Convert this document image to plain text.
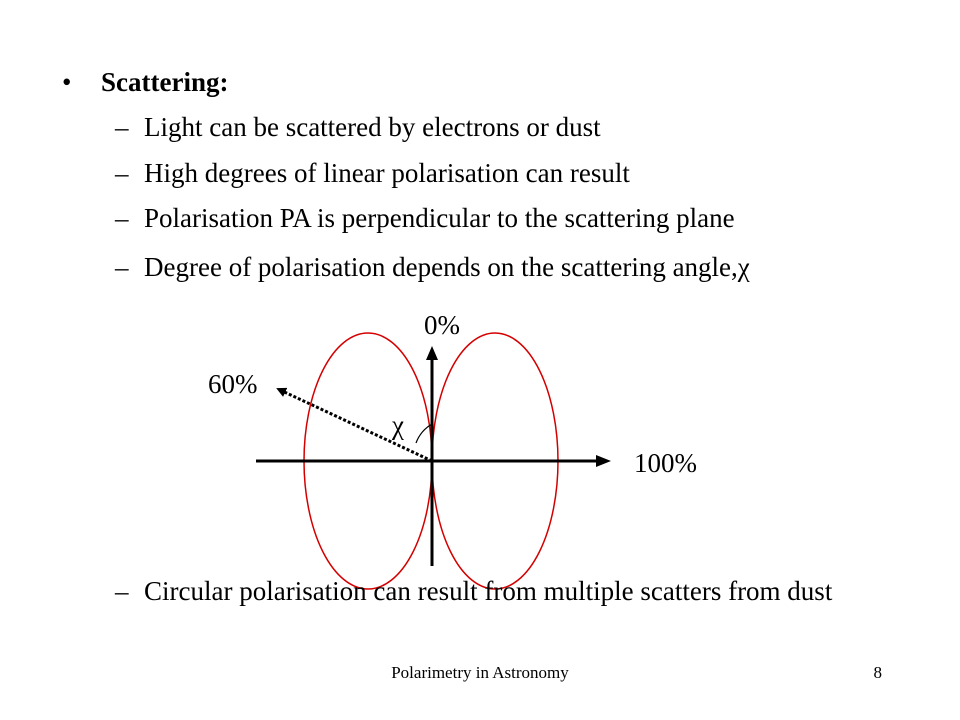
• Scattering:
– Light can be scattered by electrons or dust
– High degrees of linear polarisation can result
– Polarisation PA is perpendicular to the scattering plane
– Degree of polarisation depends on the scattering angle,χ
0%
100%
60%
χ
– Circular polarisation can result from multiple scatters from dust
Polarimetry in Astronomy	8
